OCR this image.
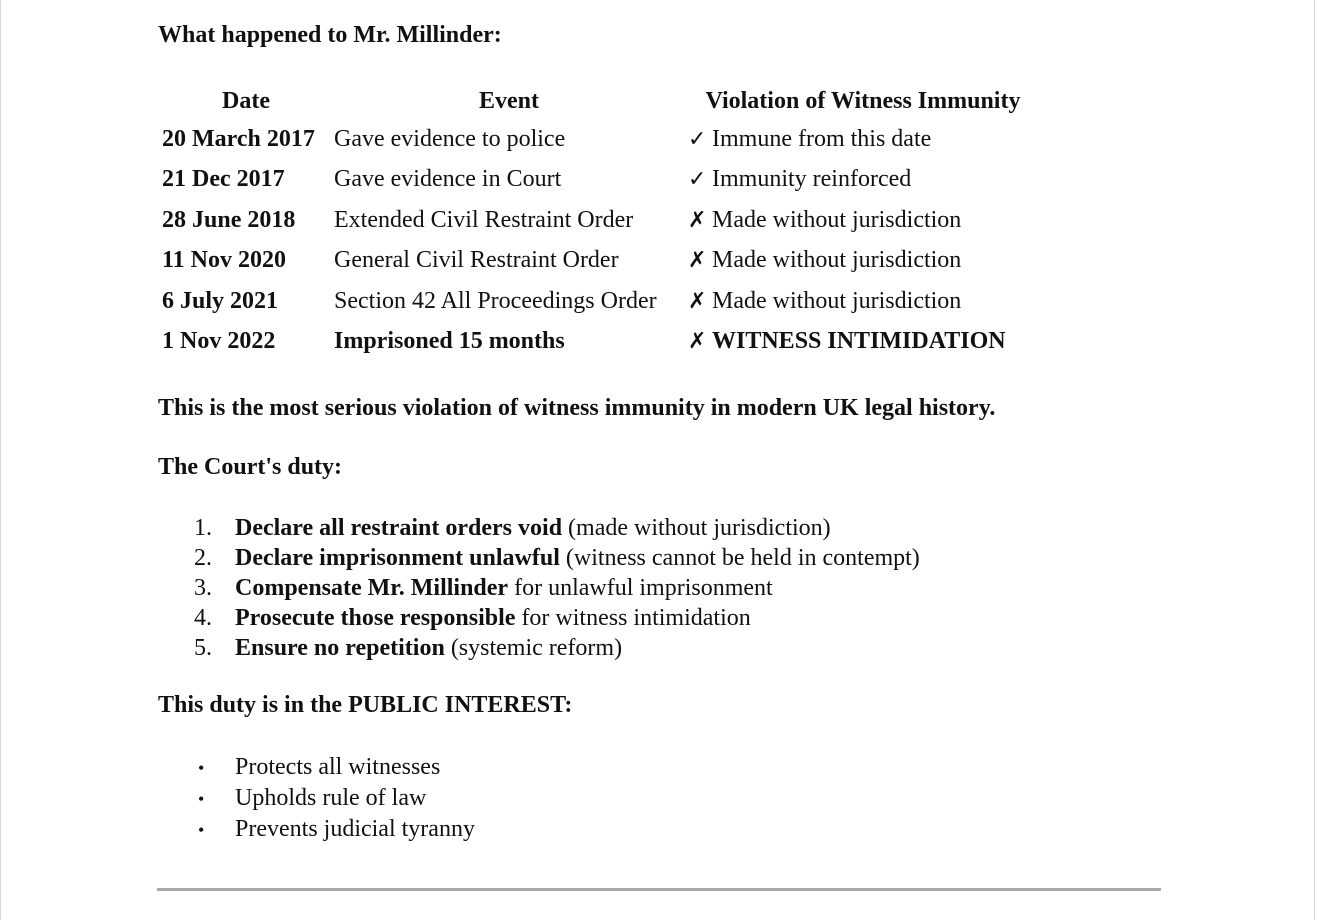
What happened to Mr. Millinder:
Date	Event	Violation of Witness Immunity
20 March 2017	Gave evidence to police	✓ Immune from this date
21 Dec 2017	Gave evidence in Court	✓ Immunity reinforced
28 June 2018	Extended Civil Restraint Order	✗ Made without jurisdiction
11 Nov 2020	General Civil Restraint Order	✗ Made without jurisdiction
6 July 2021	Section 42 All Proceedings Order	✗ Made without jurisdiction
1 Nov 2022	Imprisoned 15 months	✗ WITNESS INTIMIDATION
This is the most serious violation of witness immunity in modern UK legal history.
The Court's duty:
1. Declare all restraint orders void (made without jurisdiction)
2. Declare imprisonment unlawful (witness cannot be held in contempt)
3. Compensate Mr. Millinder for unlawful imprisonment
4. Prosecute those responsible for witness intimidation
5. Ensure no repetition (systemic reform)
This duty is in the PUBLIC INTEREST:
• Protects all witnesses
• Upholds rule of law
• Prevents judicial tyranny
